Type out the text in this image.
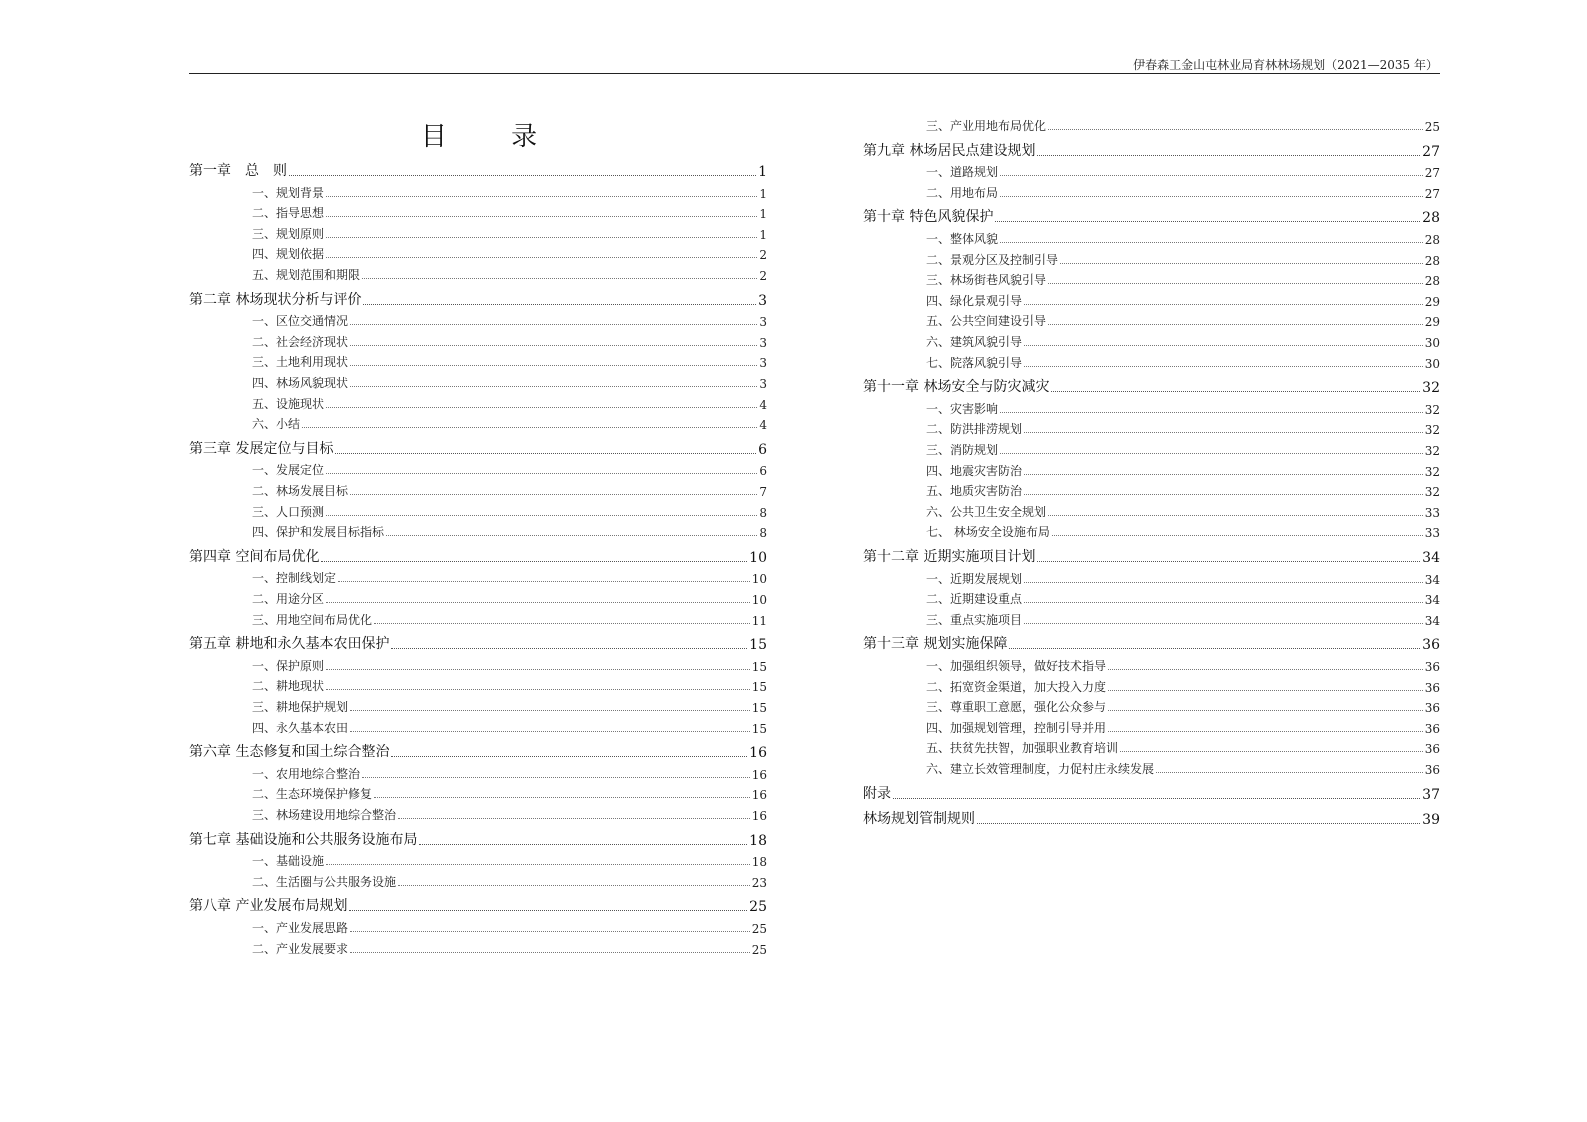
伊春森工金山屯林业局育林林场规划（2021—2035 年）
目 录
第一章　总　则	1
一、规划背景	1
二、指导思想	1
三、规划原则	1
四、规划依据	2
五、规划范围和期限	2
第二章 林场现状分析与评价	3
一、区位交通情况	3
二、社会经济现状	3
三、土地利用现状	3
四、林场风貌现状	3
五、设施现状	4
六、小结	4
第三章 发展定位与目标	6
一、发展定位	6
二、林场发展目标	7
三、人口预测	8
四、保护和发展目标指标	8
第四章 空间布局优化	10
一、控制线划定	10
二、用途分区	10
三、用地空间布局优化	11
第五章 耕地和永久基本农田保护	15
一、保护原则	15
二、耕地现状	15
三、耕地保护规划	15
四、永久基本农田	15
第六章 生态修复和国土综合整治	16
一、农用地综合整治	16
二、生态环境保护修复	16
三、林场建设用地综合整治	16
第七章 基础设施和公共服务设施布局	18
一、基础设施	18
二、生活圈与公共服务设施	23
第八章 产业发展布局规划	25
一、产业发展思路	25
二、产业发展要求	25
三、产业用地布局优化	25
第九章 林场居民点建设规划	27
一、道路规划	27
二、用地布局	27
第十章 特色风貌保护	28
一、整体风貌	28
二、景观分区及控制引导	28
三、林场街巷风貌引导	28
四、绿化景观引导	29
五、公共空间建设引导	29
六、建筑风貌引导	30
七、院落风貌引导	30
第十一章 林场安全与防灾减灾	32
一、灾害影响	32
二、防洪排涝规划	32
三、消防规划	32
四、地震灾害防治	32
五、地质灾害防治	32
六、公共卫生安全规划	33
七、 林场安全设施布局	33
第十二章 近期实施项目计划	34
一、近期发展规划	34
二、近期建设重点	34
三、重点实施项目	34
第十三章 规划实施保障	36
一、加强组织领导，做好技术指导	36
二、拓宽资金渠道，加大投入力度	36
三、尊重职工意愿，强化公众参与	36
四、加强规划管理，控制引导并用	36
五、扶贫先扶智，加强职业教育培训	36
六、建立长效管理制度，力促村庄永续发展	36
附录	37
林场规划管制规则	39
